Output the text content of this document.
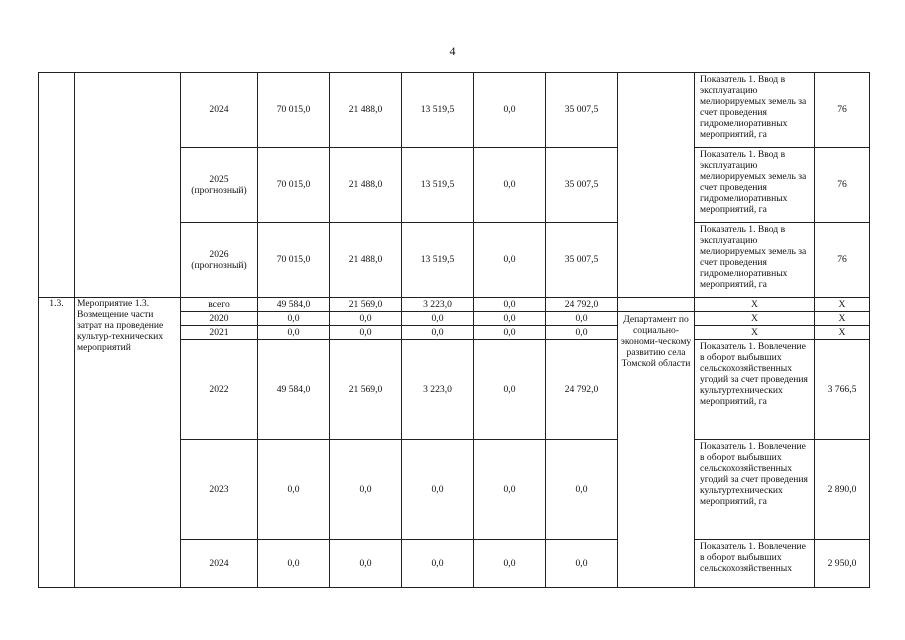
4
		2024	70 015,0	21 488,0	13 519,5	0,0	35 007,5		Показатель 1. Ввод в эксплуатацию мелиорируемых земель за счет проведения гидромелиоративных мероприятий, га	76
		2025 (прогнозный)	70 015,0	21 488,0	13 519,5	0,0	35 007,5		Показатель 1. Ввод в эксплуатацию мелиорируемых земель за счет проведения гидромелиоративных мероприятий, га	76
		2026 (прогнозный)	70 015,0	21 488,0	13 519,5	0,0	35 007,5		Показатель 1. Ввод в эксплуатацию мелиорируемых земель за счет проведения гидромелиоративных мероприятий, га	76
1.3.	Мероприятие 1.3. Возмещение части затрат на проведение культур-технических мероприятий	всего	49 584,0	21 569,0	3 223,0	0,0	24 792,0		X	X
		2020	0,0	0,0	0,0	0,0	0,0	Департамент по социально-экономи-ческому развитию села Томской области	X	X
		2021	0,0	0,0	0,0	0,0	0,0		X	X
		2022	49 584,0	21 569,0	3 223,0	0,0	24 792,0		Показатель 1. Вовлечение в оборот выбывших сельскохозяйственных угодий за счет проведения культуртехнических мероприятий, га	3 766,5
		2023	0,0	0,0	0,0	0,0	0,0		Показатель 1. Вовлечение в оборот выбывших сельскохозяйственных угодий за счет проведения культуртехнических мероприятий, га	2 890,0
		2024	0,0	0,0	0,0	0,0	0,0		Показатель 1. Вовлечение в оборот выбывших сельскохозяйственных	2 950,0
